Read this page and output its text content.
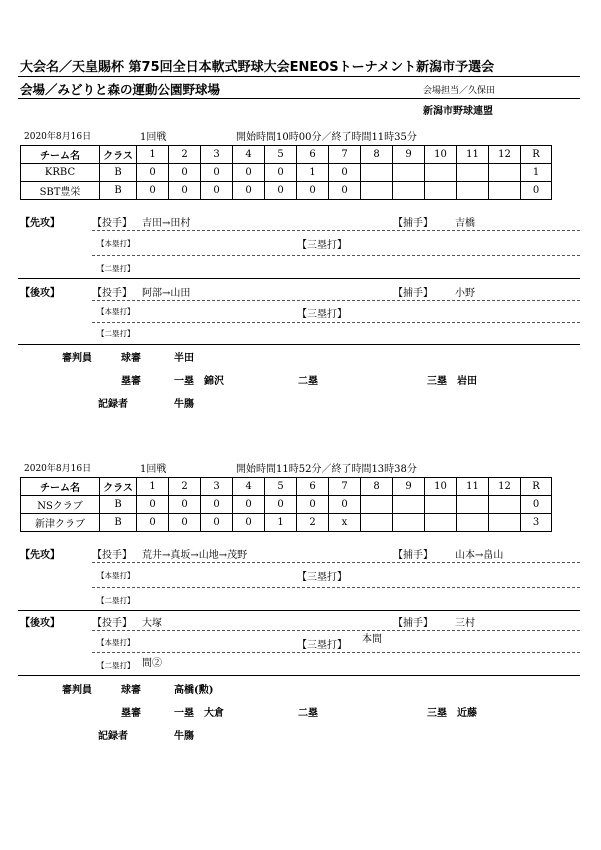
大会名／天皇賜杯 第75回全日本軟式野球大会ENEOSトーナメント新潟市予選会
会場／みどりと森の運動公園野球場	会場担当／久保田
新潟市野球連盟
2020年8月16日	1回戦	開始時間10時00分／終了時間11時35分
チーム名	クラス	1	2	3	4	5	6	7	8	9	10	11	12	R
KRBC	B	0	0	0	0	0	1	0						1
SBT豊栄	B	0	0	0	0	0	0	0						0
【先攻】	【投手】 吉田→田村	【捕手】 吉橋
【本塁打】	【三塁打】
【二塁打】
【後攻】	【投手】 阿部→山田	【捕手】 小野
【本塁打】	【三塁打】
【二塁打】
審判員	球審	半田
塁審	一塁 錦沢	二塁	三塁 岩田
記録者	牛膓
2020年8月16日	1回戦	開始時間11時52分／終了時間13時38分
チーム名	クラス	1	2	3	4	5	6	7	8	9	10	11	12	R
NSクラブ	B	0	0	0	0	0	0	0						0
新津クラブ	B	0	0	0	0	1	2	x						3
【先攻】	【投手】 荒井→真坂→山地→茂野	【捕手】 山本→畠山
【本塁打】	【三塁打】
【二塁打】
【後攻】	【投手】 大塚	【捕手】 三村
【本塁打】	【三塁打】
本間
【二塁打】 間②
審判員	球審	高橋(勲)
塁審	一塁 大倉	二塁	三塁 近藤
記録者	牛膓
